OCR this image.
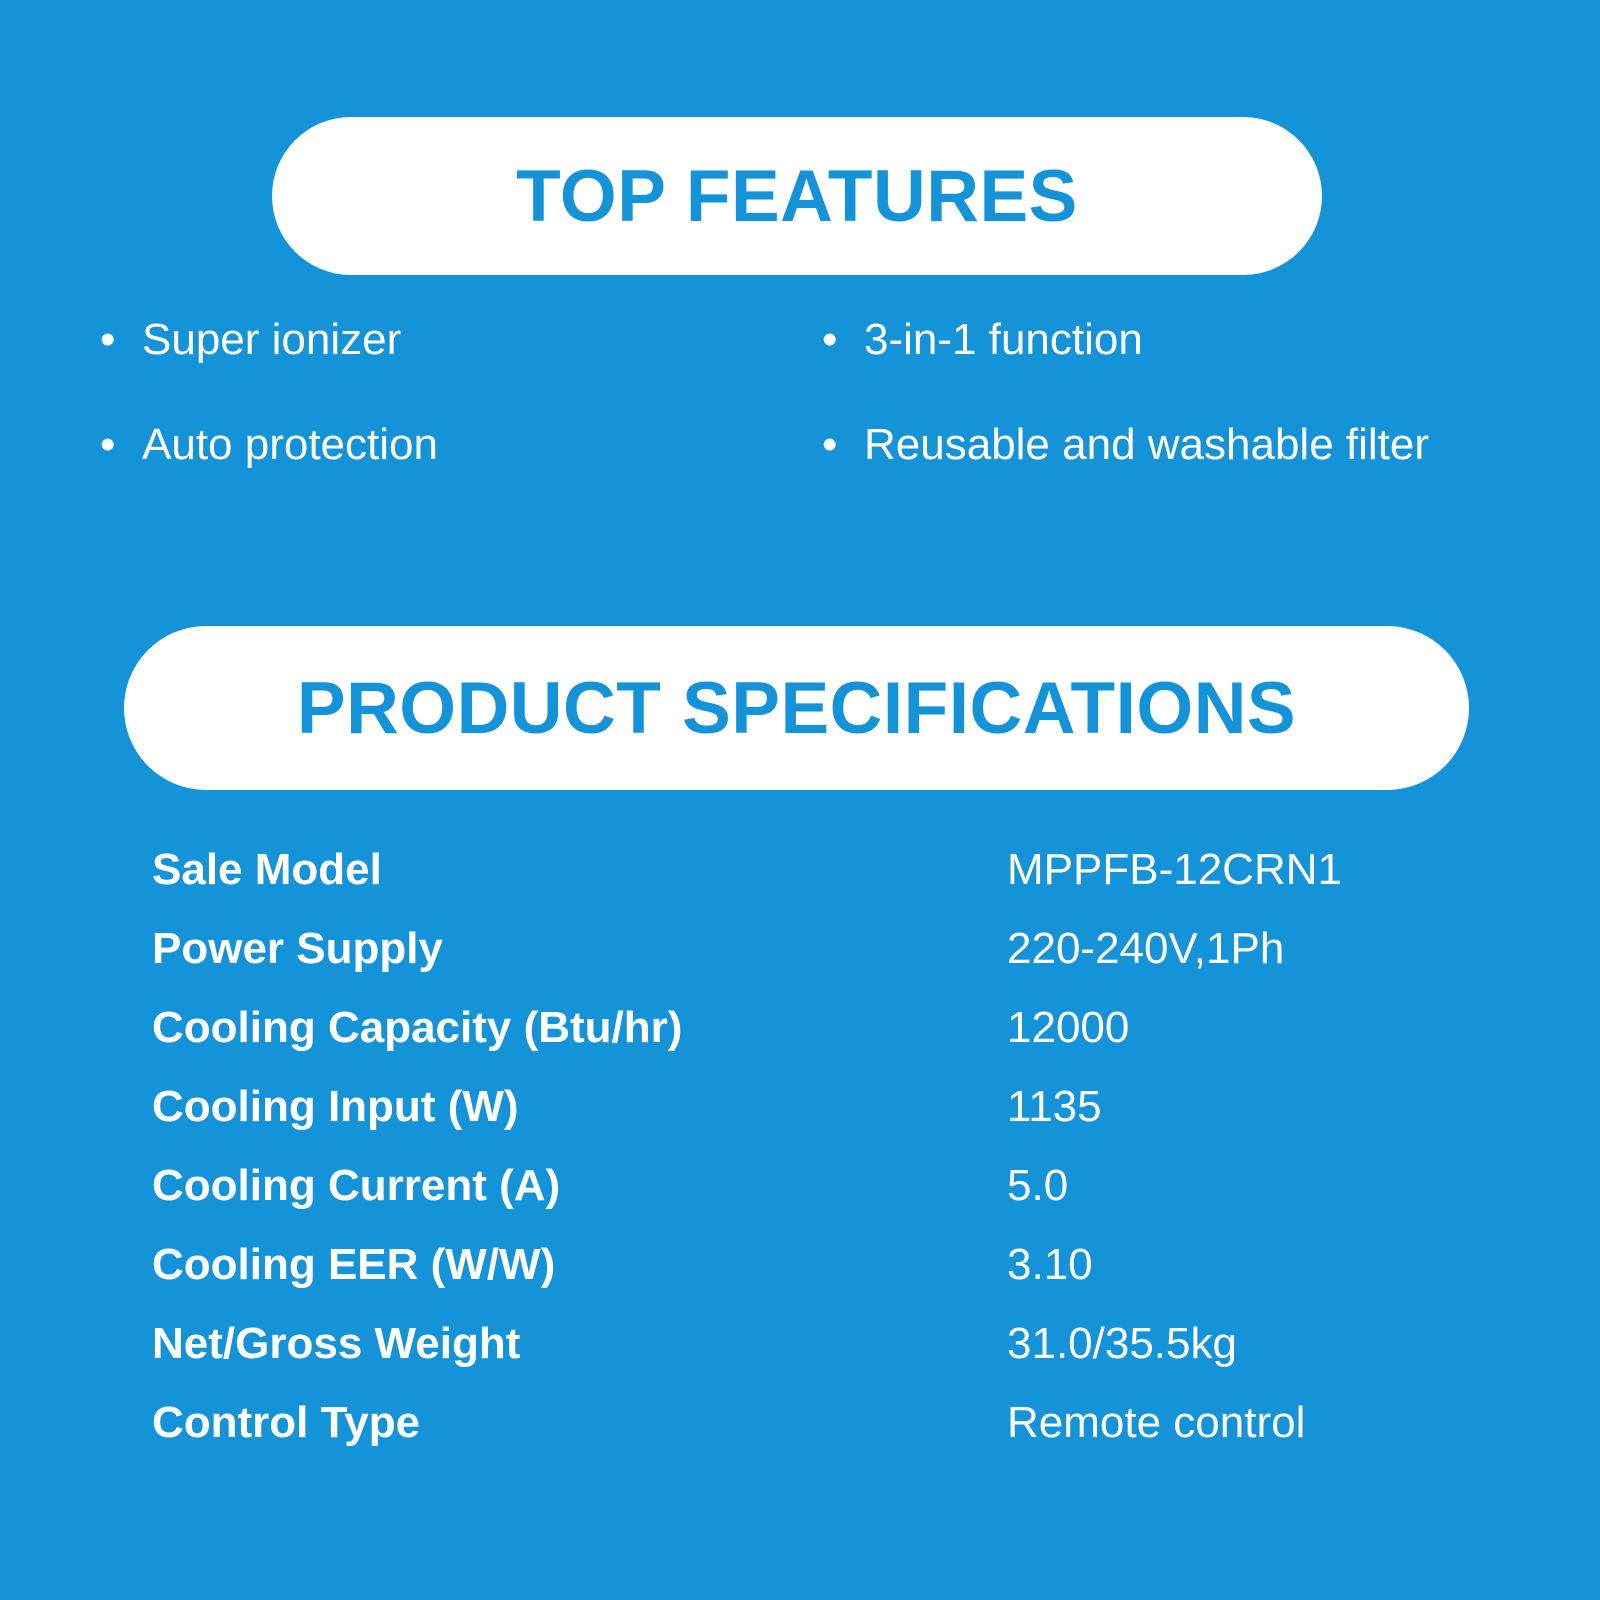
TOP FEATURES
• Super ionizer
• Auto protection
• 3-in-1 function
• Reusable and washable filter
PRODUCT SPECIFICATIONS
Sale Model	MPPFB-12CRN1
Power Supply	220-240V,1Ph
Cooling Capacity (Btu/hr)	12000
Cooling Input (W)	1135
Cooling Current (A)	5.0
Cooling EER (W/W)	3.10
Net/Gross Weight	31.0/35.5kg
Control Type	Remote control
